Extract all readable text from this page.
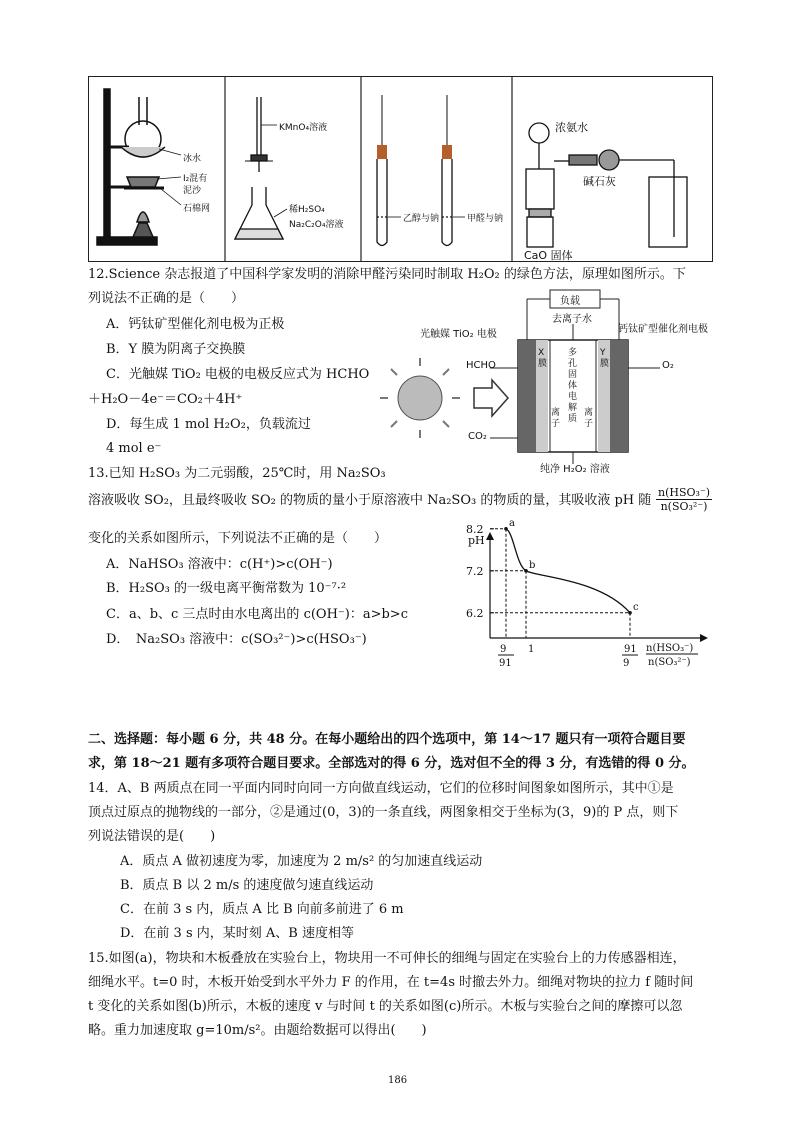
冰水
I₂混有
泥沙
石棉网
KMnO₄溶液
稀H₂SO₄
Na₂C₂O₄溶液
乙醇与钠	甲醛与钠
浓氨水
碱石灰
CaO 固体
12.Science 杂志报道了中国科学家发明的消除甲醛污染同时制取 H₂O₂ 的绿色方法，原理如图所示。下
列说法不正确的是（　　）
A．钙钛矿型催化剂电极为正极
B．Y 膜为阴离子交换膜
C．光触媒 TiO₂ 电极的电极反应式为 HCHO
＋H₂O－4e⁻＝CO₂＋4H⁺
D．每生成 1 mol H₂O₂，负载流过
4 mol e⁻
负载
去离子水
光触媒 TiO₂ 电极	钙钛矿型催化剂电极
HCHO	O₂
CO₂
X膜
Y膜
多孔固体电解质
离子
离子
纯净 H₂O₂ 溶液
13.已知 H₂SO₃ 为二元弱酸，25℃时，用 Na₂SO₃
溶液吸收 SO₂，且最终吸收 SO₂ 的物质的量小于原溶液中 Na₂SO₃ 的物质的量，其吸收液 pH 随 $\frac{\text{n(HSO₃⁻)}}{\text{n(SO₃²⁻)}}$
变化的关系如图所示，下列说法不正确的是（　　）
A．NaHSO₃ 溶液中：c(H⁺)>c(OH⁻)
B．H₂SO₃ 的一级电离平衡常数为 10⁻⁷·²
C．a、b、c 三点时由水电离出的 c(OH⁻)：a>b>c
D．　Na₂SO₃ 溶液中：c(SO₃²⁻)>c(HSO₃⁻)
pH
8.2
7.2
6.2
a
b
c
9
91
1	91
9
n(HSO₃⁻)
n(SO₃²⁻)
二、选择题：每小题 6 分，共 48 分。在每小题给出的四个选项中，第 14～17 题只有一项符合题目要
求，第 18～21 题有多项符合题目要求。全部选对的得 6 分，选对但不全的得 3 分，有选错的得 0 分。
14．A、B 两质点在同一平面内同时向同一方向做直线运动，它们的位移时间图象如图所示，其中①是
顶点过原点的抛物线的一部分，②是通过(0，3)的一条直线，两图象相交于坐标为(3，9)的 P 点，则下
列说法错误的是(　　)
A．质点 A 做初速度为零，加速度为 2 m/s² 的匀加速直线运动
B．质点 B 以 2 m/s 的速度做匀速直线运动
C．在前 3 s 内，质点 A 比 B 向前多前进了 6 m
D．在前 3 s 内，某时刻 A、B 速度相等
15.如图(a)，物块和木板叠放在实验台上，物块用一不可伸长的细绳与固定在实验台上的力传感器相连，
细绳水平。t=0 时，木板开始受到水平外力 F 的作用，在 t=4s 时撤去外力。细绳对物块的拉力 f 随时间
t 变化的关系如图(b)所示，木板的速度 v 与时间 t 的关系如图(c)所示。木板与实验台之间的摩擦可以忽
略。重力加速度取 g=10m/s²。由题给数据可以得出(　　)
186
